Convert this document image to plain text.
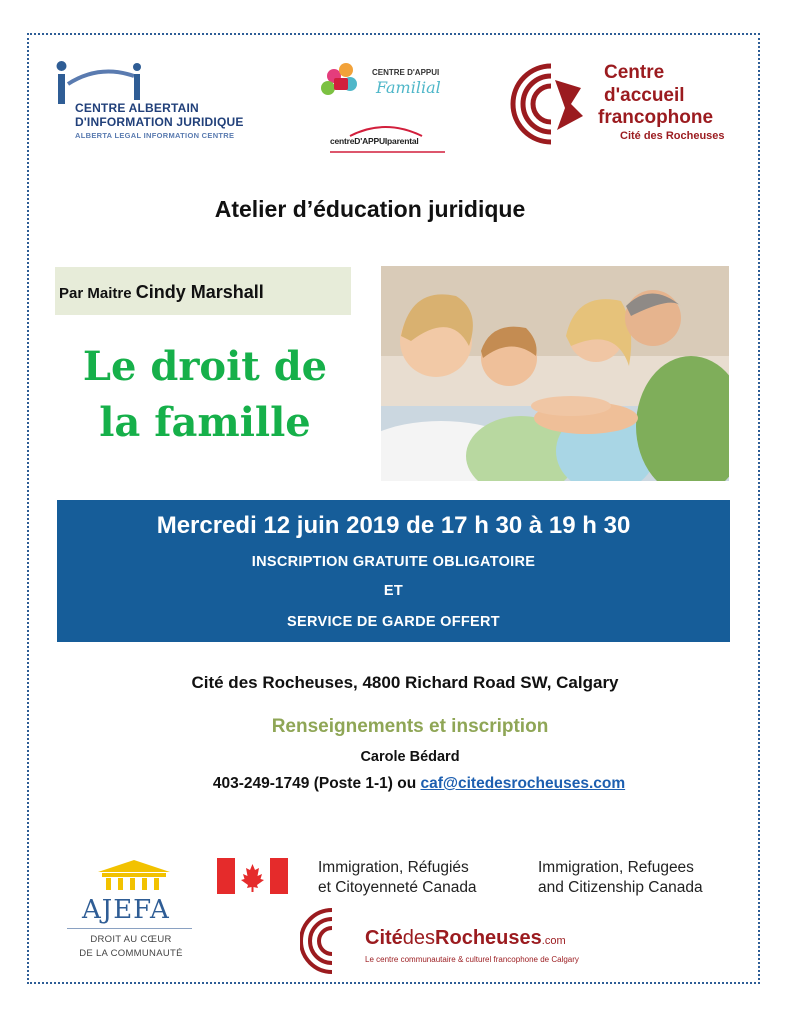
CENTRE ALBERTAIN
D'INFORMATION JURIDIQUE
ALBERTA LEGAL INFORMATION CENTRE
CENTRE D'APPUI
Familial
centreD'APPUIparental
Centre
d'accueil
francophone
Cité des Rocheuses
Atelier d’éducation juridique
Par Maitre Cindy Marshall
Le droit de
la famille
Mercredi 12 juin 2019 de 17 h 30 à 19 h 30
INSCRIPTION GRATUITE OBLIGATOIRE
ET
SERVICE DE GARDE OFFERT
Cité des Rocheuses, 4800 Richard Road SW, Calgary
Renseignements et inscription
Carole Bédard
403-249-1749 (Poste 1-1) ou caf@citedesrocheuses.com
AJEFA
DROIT AU CŒUR
DE LA COMMUNAUTÉ
Immigration, Réfugiés
et Citoyenneté Canada
Immigration, Refugees
and Citizenship Canada
CitédesRocheuses.com
Le centre communautaire & culturel francophone de Calgary
